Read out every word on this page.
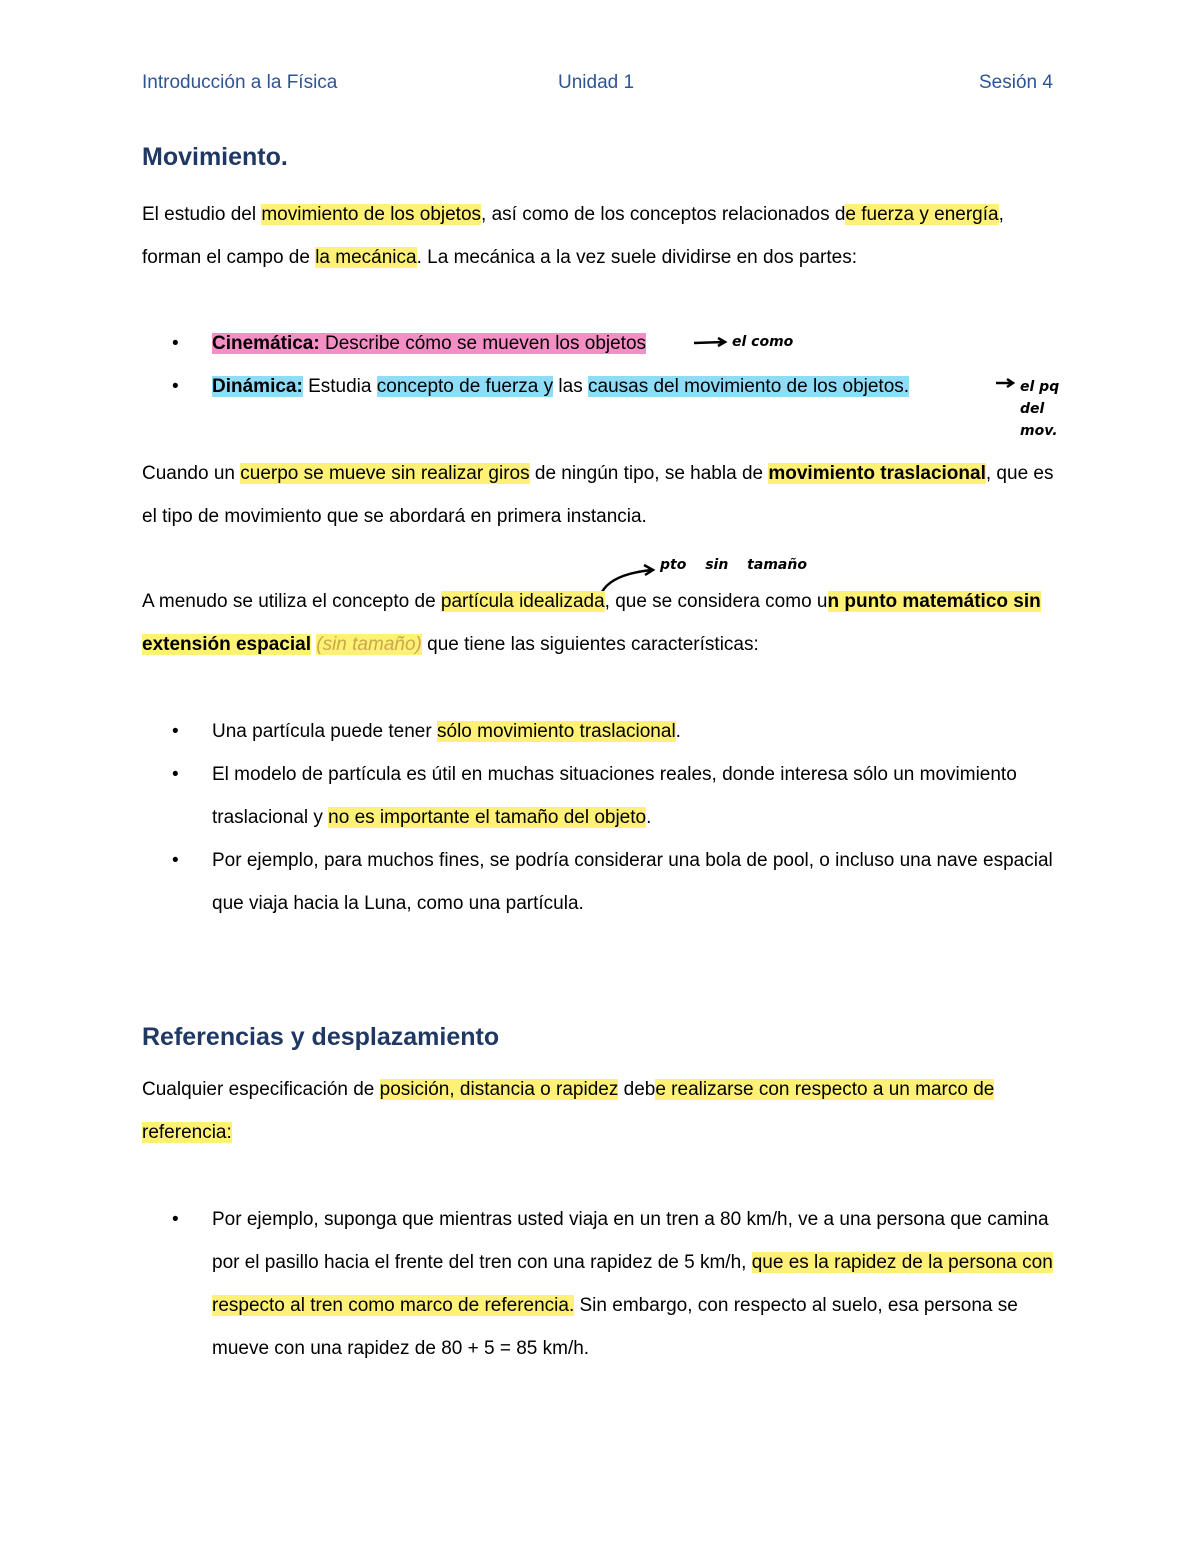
Introducción a la Física	Unidad 1	Sesión 4
Movimiento.

El estudio del movimiento de los objetos, así como de los conceptos relacionados de fuerza y energía, forman el campo de la mecánica. La mecánica a la vez suele dividirse en dos partes:

•	Cinemática: Describe cómo se mueven los objetos
•	Dinámica: Estudia concepto de fuerza y las causas del movimiento de los objetos.
el como
el pq del mov.

Cuando un cuerpo se mueve sin realizar giros de ningún tipo, se habla de movimiento traslacional, que es el tipo de movimiento que se abordará en primera instancia.

pto sin tamaño

A menudo se utiliza el concepto de partícula idealizada, que se considera como un punto matemático sin extensión espacial (sin tamaño) que tiene las siguientes características:

•	Una partícula puede tener sólo movimiento traslacional.
•	El modelo de partícula es útil en muchas situaciones reales, donde interesa sólo un movimiento traslacional y no es importante el tamaño del objeto.
•	Por ejemplo, para muchos fines, se podría considerar una bola de pool, o incluso una nave espacial que viaja hacia la Luna, como una partícula.
Referencias y desplazamiento

Cualquier especificación de posición, distancia o rapidez debe realizarse con respecto a un marco de referencia:

•	Por ejemplo, suponga que mientras usted viaja en un tren a 80 km/h, ve a una persona que camina por el pasillo hacia el frente del tren con una rapidez de 5 km/h, que es la rapidez de la persona con respecto al tren como marco de referencia. Sin embargo, con respecto al suelo, esa persona se mueve con una rapidez de 80 + 5 = 85 km/h.
